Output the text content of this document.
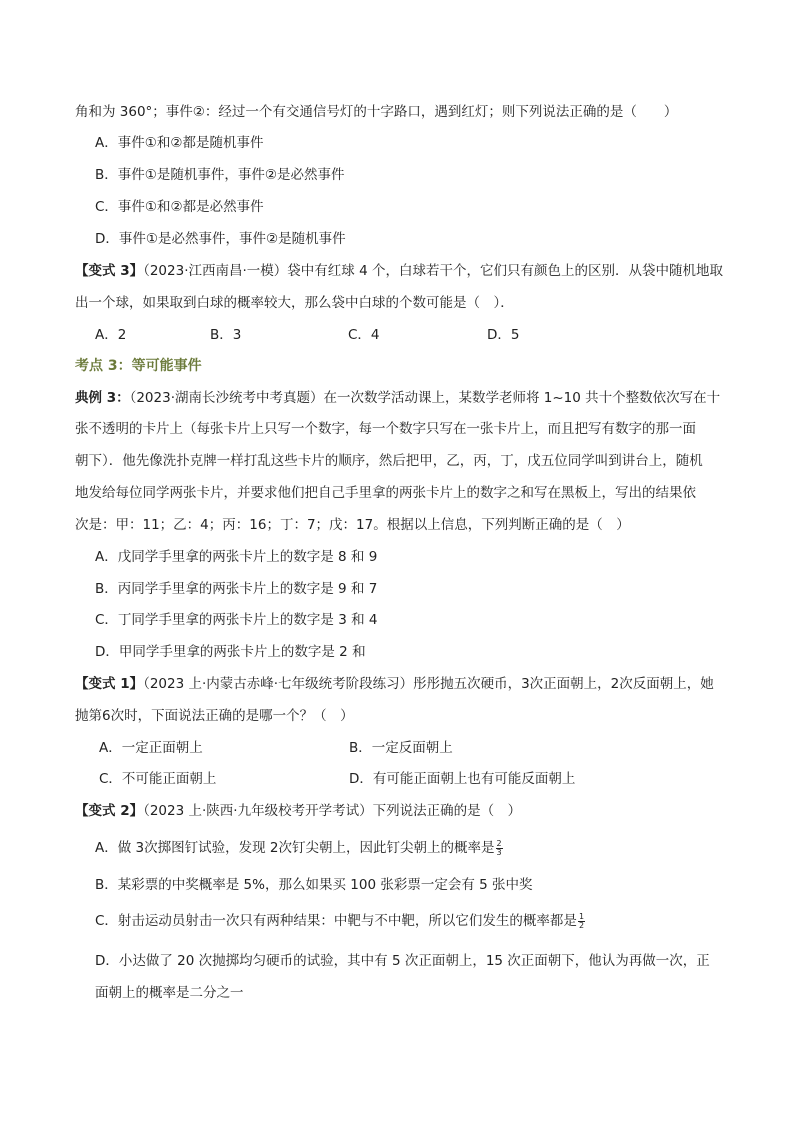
角和为 360°；事件②：经过一个有交通信号灯的十字路口，遇到红灯；则下列说法正确的是（　　）
A．事件①和②都是随机事件
B．事件①是随机事件，事件②是必然事件
C．事件①和②都是必然事件
D．事件①是必然事件，事件②是随机事件
【变式 3】（2023·江西南昌·一模）袋中有红球 4 个，白球若干个，它们只有颜色上的区别．从袋中随机地取
出一个球，如果取到白球的概率较大，那么袋中白球的个数可能是（　）．
A．2	B．3	C．4	D．5
考点 3：等可能事件
典例 3：（2023·湖南长沙统考中考真题）在一次数学活动课上，某数学老师将 1~10 共十个整数依次写在十
张不透明的卡片上（每张卡片上只写一个数字，每一个数字只写在一张卡片上，而且把写有数字的那一面
朝下）．他先像洗扑克牌一样打乱这些卡片的顺序，然后把甲，乙，丙，丁，戊五位同学叫到讲台上，随机
地发给每位同学两张卡片，并要求他们把自己手里拿的两张卡片上的数字之和写在黑板上，写出的结果依
次是：甲：11；乙：4；丙：16；丁：7；戊：17。根据以上信息，下列判断正确的是（　）
A．戊同学手里拿的两张卡片上的数字是 8 和 9
B．丙同学手里拿的两张卡片上的数字是 9 和 7
C．丁同学手里拿的两张卡片上的数字是 3 和 4
D．甲同学手里拿的两张卡片上的数字是 2 和
【变式 1】（2023 上·内蒙古赤峰·七年级统考阶段练习）彤彤抛五次硬币，3次正面朝上，2次反面朝上，她
抛第6次时，下面说法正确的是哪一个？（　）
A．一定正面朝上	B．一定反面朝上
C．不可能正面朝上	D．有可能正面朝上也有可能反面朝上
【变式 2】（2023 上·陕西·九年级校考开学考试）下列说法正确的是（　）
A．做 3次掷图钉试验，发现 2次钉尖朝上，因此钉尖朝上的概率是 $\frac{2}{3}$
B．某彩票的中奖概率是 5%，那么如果买 100 张彩票一定会有 5 张中奖
C．射击运动员射击一次只有两种结果：中靶与不中靶，所以它们发生的概率都是 $\frac{1}{2}$
D．小达做了 20 次抛掷均匀硬币的试验，其中有 5 次正面朝上，15 次正面朝下，他认为再做一次，正
面朝上的概率是二分之一
